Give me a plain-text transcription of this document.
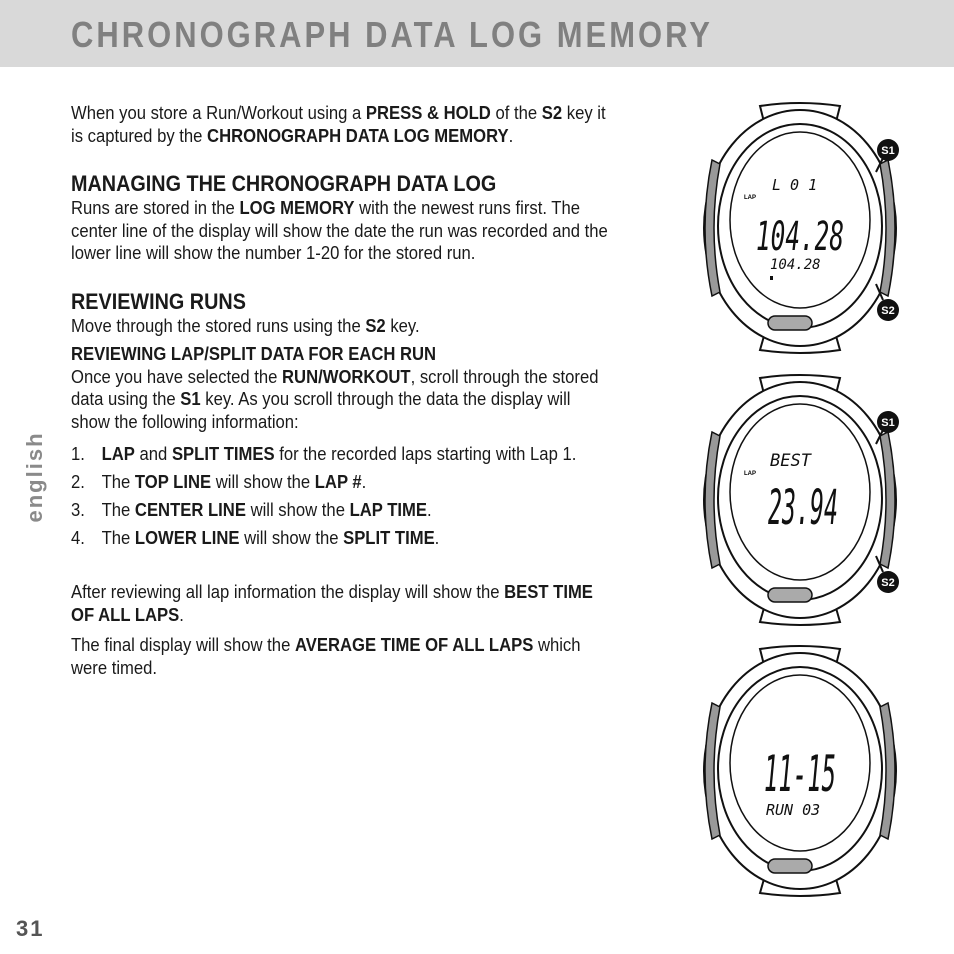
CHRONOGRAPH DATA LOG MEMORY

When you store a Run/Workout using a PRESS & HOLD of the S2 key it is captured by the CHRONOGRAPH DATA LOG MEMORY.

MANAGING THE CHRONOGRAPH DATA LOG

Runs are stored in the LOG MEMORY with the newest runs first. The center line of the display will show the date the run was recorded and the lower line will show the number 1-20 for the stored run.

REVIEWING RUNS

Move through the stored runs using the S2 key.

REVIEWING LAP/SPLIT DATA FOR EACH RUN

Once you have selected the RUN/WORKOUT, scroll through the stored data using the S1 key. As you scroll through the data the display will show the following information:

1. LAP and SPLIT TIMES for the recorded laps starting with Lap 1.
2. The TOP LINE will show the LAP #.
3. The CENTER LINE will show the LAP TIME.
4. The LOWER LINE will show the SPLIT TIME.

After reviewing all lap information the display will show the BEST TIME OF ALL LAPS.

The final display will show the AVERAGE TIME OF ALL LAPS which were timed.

english
31
L 0 1
LAP
104.28
104.28
S1
S2
BEST
LAP
23.94
S1
S2
11-15
RUN 03
